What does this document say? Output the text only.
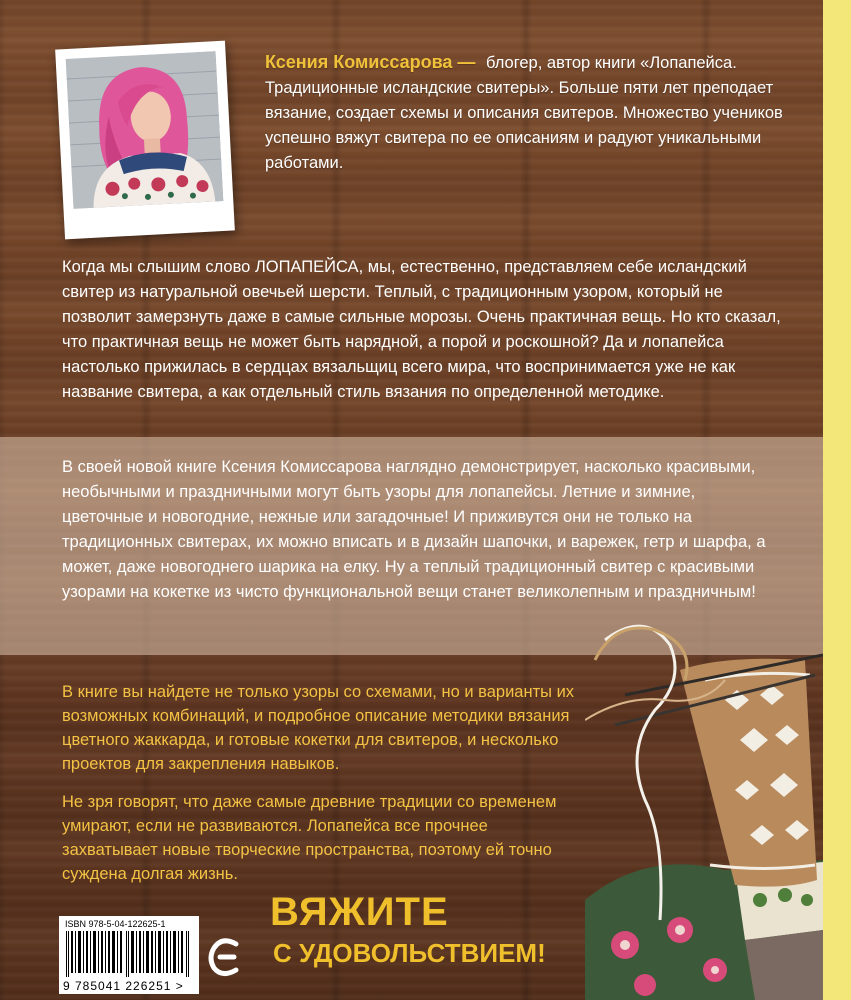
Ксения Комиссарова — блогер, автор книги «Лопапейса. Традиционные исландские свитеры». Больше пяти лет преподает вязание, создает схемы и описания свитеров. Множество учеников успешно вяжут свитера по ее описаниям и радуют уникальными работами.

Когда мы слышим слово ЛОПАПЕЙСА, мы, естественно, представляем себе исландский свитер из натуральной овечьей шерсти. Теплый, с традиционным узором, который не позволит замерзнуть даже в самые сильные морозы. Очень практичная вещь. Но кто сказал, что практичная вещь не может быть нарядной, а порой и роскошной? Да и лопапейса настолько прижилась в сердцах вязальщиц всего мира, что воспринимается уже не как название свитера, а как отдельный стиль вязания по определенной методике.

В своей новой книге Ксения Комиссарова наглядно демонстрирует, насколько красивыми, необычными и праздничными могут быть узоры для лопапейсы. Летние и зимние, цветочные и новогодние, нежные или загадочные! И приживутся они не только на традиционных свитерах, их можно вписать и в дизайн шапочки, и варежек, гетр и шарфа, а может, даже новогоднего шарика на елку. Ну а теплый традиционный свитер с красивыми узорами на кокетке из чисто функциональной вещи станет великолепным и праздничным!

В книге вы найдете не только узоры со схемами, но и варианты их возможных комбинаций, и подробное описание методики вязания цветного жаккарда, и готовые кокетки для свитеров, и несколько проектов для закрепления навыков.

Не зря говорят, что даже самые древние традиции со временем умирают, если не развиваются. Лопапейса все прочнее захватывает новые творческие пространства, поэтому ей точно суждена долгая жизнь.

ISBN 978-5-04-122625-1
9 785041 226251 >
ВЯЖИТЕ
С УДОВОЛЬСТВИЕМ!
